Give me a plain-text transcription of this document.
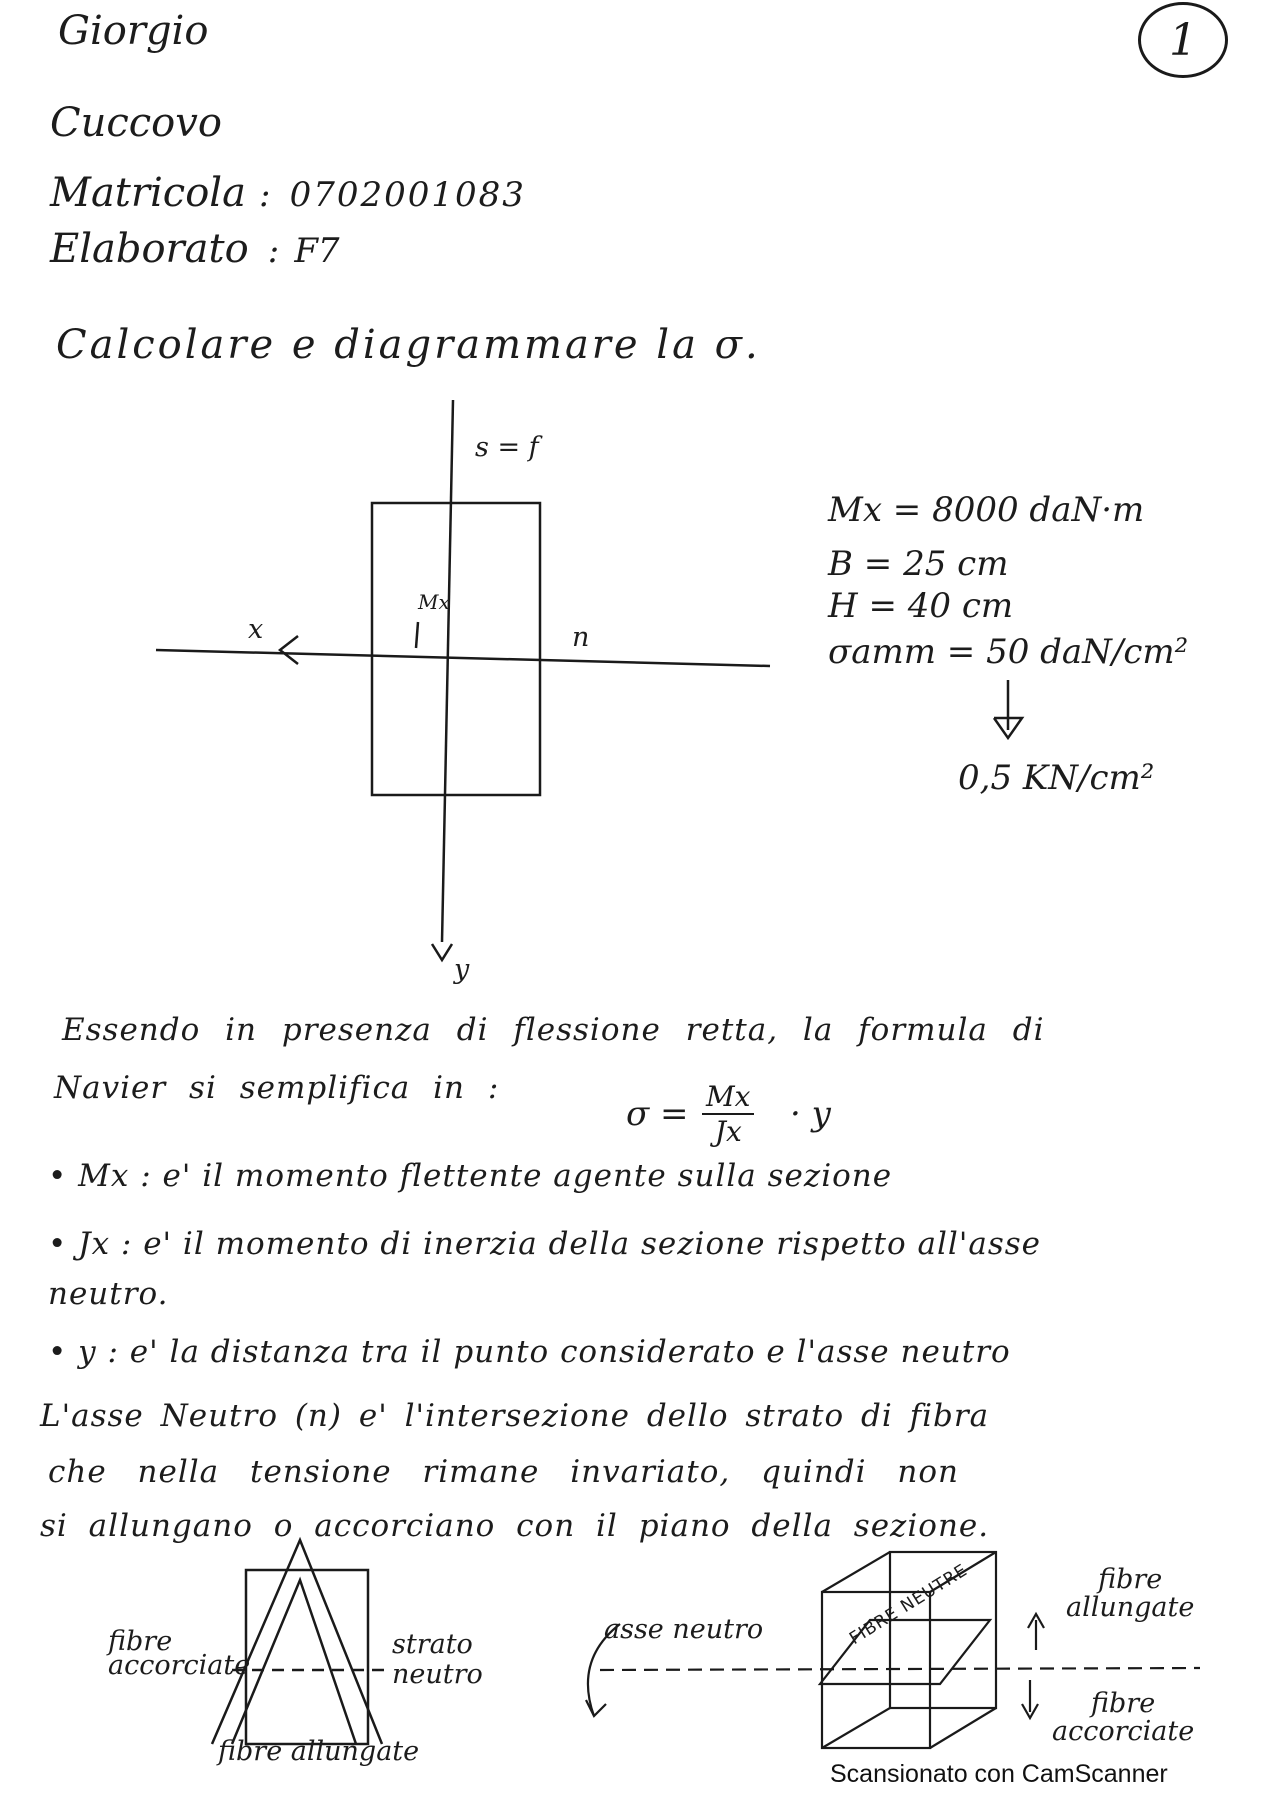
Giorgio	1
Cuccovo
Matricola : 0702001083
Elaborato : F7
Calcolare e diagrammare la σ.
s = f
x	n
y
Mx
Mx = 8000 daN·m
B = 25 cm
H = 40 cm
σamm = 50 daN/cm²
0,5 KN/cm²
Essendo in presenza di flessione retta, la formula di
Navier si semplifica in :
$\sigma = \frac{Mx}{Jx} \cdot y$
• Mx : e' il momento flettente agente sulla sezione
• Jx : e' il momento di inerzia della sezione rispetto all'asse
neutro.
• y : e' la distanza tra il punto considerato e l'asse neutro
L'asse Neutro (n) e' l'intersezione dello strato di fibra
che nella tensione rimane invariato, quindi non
si allungano o accorciano con il piano della sezione.
fibre
accorciate
strato
neutro
fibre allungate
FIBRE NEUTRE
asse neutro
fibre
allungate
fibre
accorciate
Scansionato con CamScanner
